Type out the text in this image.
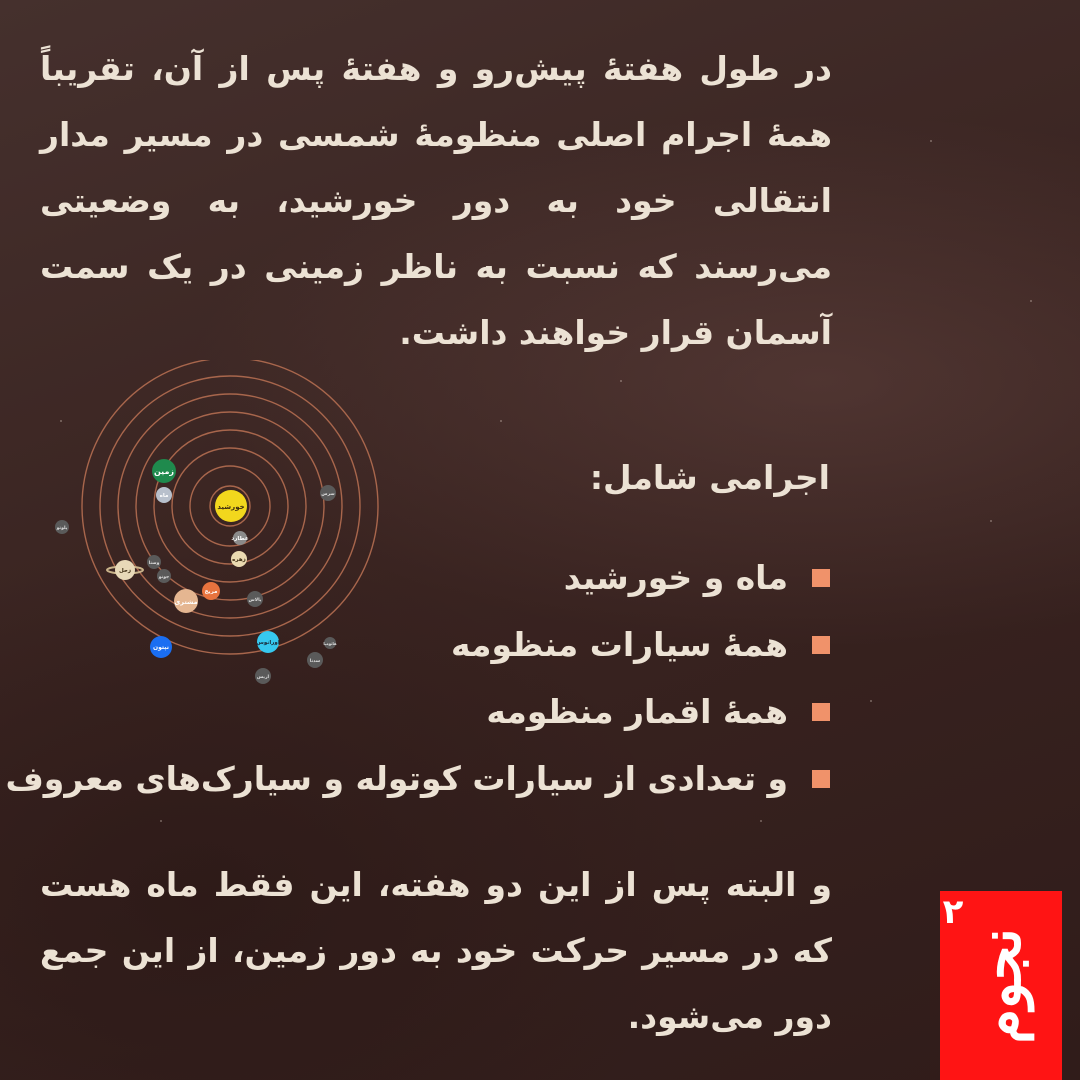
در طول هفتهٔ پیش‌رو و هفتهٔ پس از آن، تقریباً همهٔ اجرام اصلی منظومهٔ شمسی در مسیر مدار انتقالی خود به دور خورشید، به وضعیتی می‌رسند که نسبت به ناظر زمینی در یک سمت آسمان قرار خواهند داشت.
خورشید
عطارد
زهره
زمین
ماه
مریخ
مشتری
زحل
اورانوس
نپتون
پلوتو
سرس
وستا
جونو
پالاس
اریس
سدنا
هائومیا
اجرامی شامل:
ماه و خورشید
همهٔ سیارات منظومه
همهٔ اقمار منظومه
و تعدادی از سیارات کوتوله و سیارک‌های معروف
و البته پس از این دو هفته، این فقط ماه هست که در مسیر حرکت خود به دور زمین، از این جمع دور می‌شود.
۲
نجوم
